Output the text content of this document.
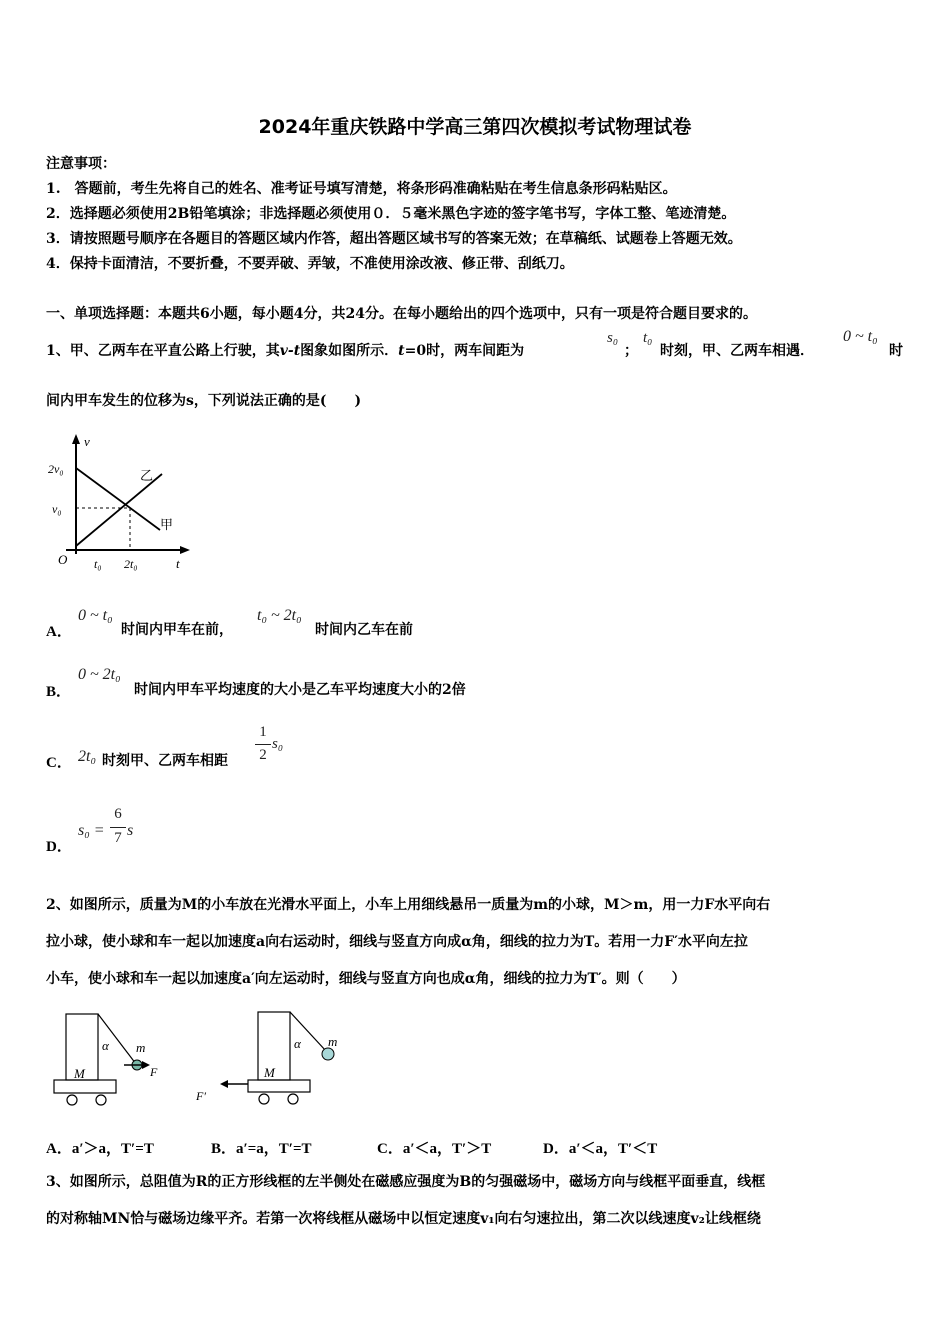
2024年重庆铁路中学高三第四次模拟考试物理试卷
注意事项：
1.　答题前，考生先将自己的姓名、准考证号填写清楚，将条形码准确粘贴在考生信息条形码粘贴区。
2．选择题必须使用2B铅笔填涂；非选择题必须使用０．５毫米黑色字迹的签字笔书写，字体工整、笔迹清楚。
3．请按照题号顺序在各题目的答题区域内作答，超出答题区域书写的答案无效；在草稿纸、试题卷上答题无效。
4．保持卡面清洁，不要折叠，不要弄破、弄皱，不准使用涂改液、修正带、刮纸刀。
一、单项选择题：本题共6小题，每小题4分，共24分。在每小题给出的四个选项中，只有一项是符合题目要求的。
1、甲、乙两车在平直公路上行驶，其v-t图象如图所示．t=0时，两车间距为
s₀
；
t₀
时刻，甲、乙两车相遇．
0 ~ t₀
时
间内甲车发生的位移为s，下列说法正确的是(　　)
v
t
O
2v₀
v₀
t₀ 2t₀
甲
乙
A．
0 ~ t₀
时间内甲车在前，
t₀ ~ 2t₀
时间内乙车在前
B．
0 ~ 2t₀
时间内甲车平均速度的大小是乙车平均速度大小的2倍
C． 2t₀ 时刻甲、乙两车相距
1
2
s₀
D．
s₀ =
6
7 s
2、如图所示，质量为M的小车放在光滑水平面上，小车上用细线悬吊一质量为m的小球，M＞m，用一力F水平向右
拉小球，使小球和车一起以加速度a向右运动时，细线与竖直方向成α角，细线的拉力为T。若用一力F′水平向左拉
小车，使小球和车一起以加速度a′向左运动时，细线与竖直方向也成α角，细线的拉力为T′。则（　　）
α m
M	F
α m
M
F′
A．a′＞a，T′=T	B．a′=a，T′=T	C．a′＜a，T′＞T	D．a′＜a，T′＜T
3、如图所示，总阻值为R的正方形线框的左半侧处在磁感应强度为B的匀强磁场中，磁场方向与线框平面垂直，线框
的对称轴MN恰与磁场边缘平齐。若第一次将线框从磁场中以恒定速度v₁向右匀速拉出，第二次以线速度v₂让线框绕
